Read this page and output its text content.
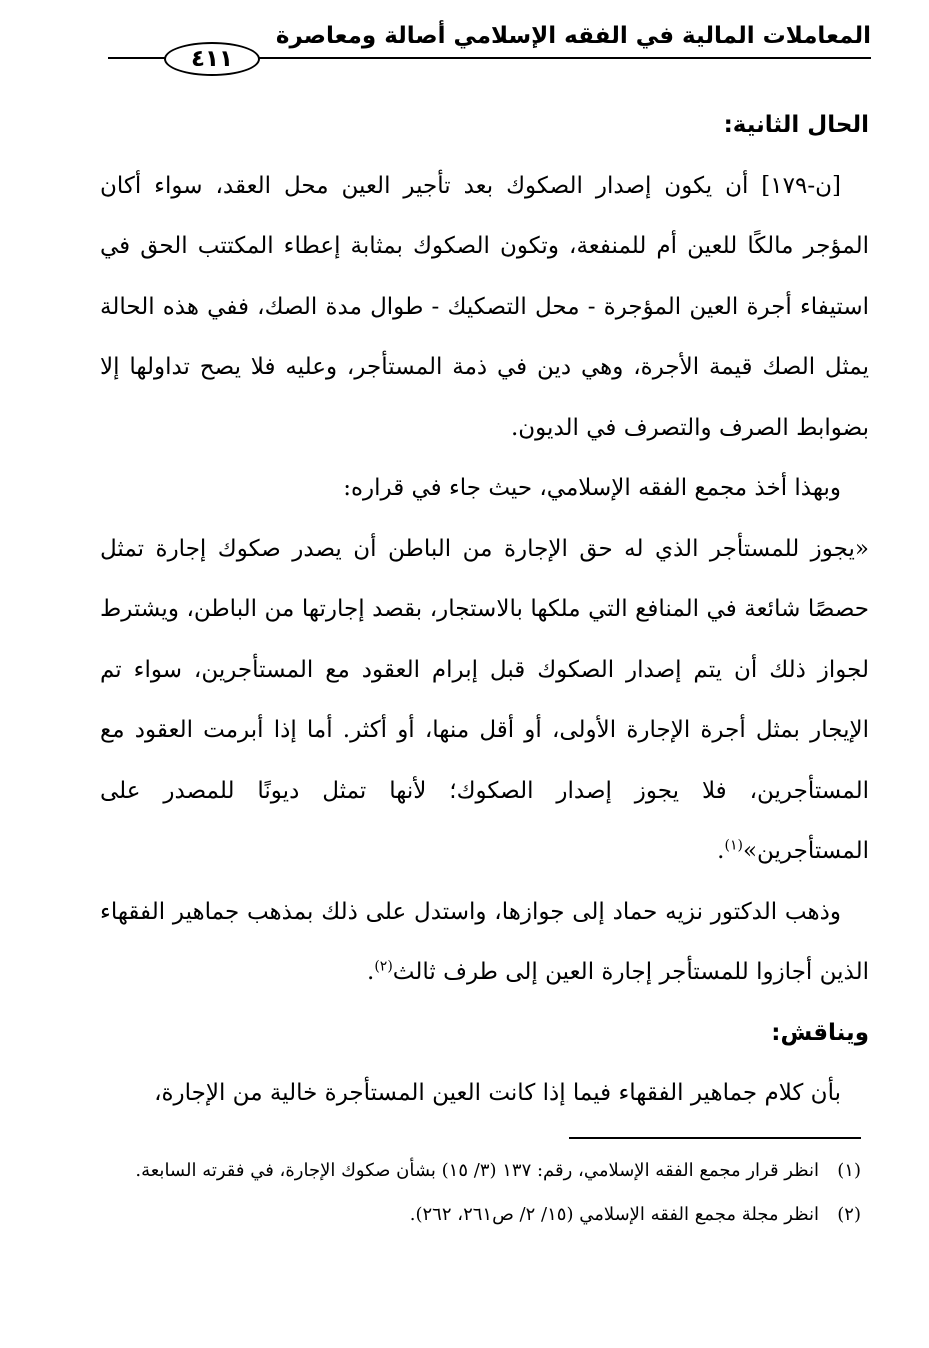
المعاملات المالية في الفقه الإسلامي أصالة ومعاصرة
٤١١

الحال الثانية:

[ن-١٧٩] أن يكون إصدار الصكوك بعد تأجير العين محل العقد، سواء أكان المؤجر مالكًا للعين أم للمنفعة، وتكون الصكوك بمثابة إعطاء المكتتب الحق في استيفاء أجرة العين المؤجرة - محل التصكيك - طوال مدة الصك، ففي هذه الحالة يمثل الصك قيمة الأجرة، وهي دين في ذمة المستأجر، وعليه فلا يصح تداولها إلا بضوابط الصرف والتصرف في الديون.

وبهذا أخذ مجمع الفقه الإسلامي، حيث جاء في قراره:

«يجوز للمستأجر الذي له حق الإجارة من الباطن أن يصدر صكوك إجارة تمثل حصصًا شائعة في المنافع التي ملكها بالاستجار، بقصد إجارتها من الباطن، ويشترط لجواز ذلك أن يتم إصدار الصكوك قبل إبرام العقود مع المستأجرين، سواء تم الإيجار بمثل أجرة الإجارة الأولى، أو أقل منها، أو أكثر. أما إذا أبرمت العقود مع المستأجرين، فلا يجوز إصدار الصكوك؛ لأنها تمثل ديونًا للمصدر على المستأجرين»$^{(١)}$.

وذهب الدكتور نزيه حماد إلى جوازها، واستدل على ذلك بمذهب جماهير الفقهاء الذين أجازوا للمستأجر إجارة العين إلى طرف ثالث$^{(٢)}$.

ويناقش:

بأن كلام جماهير الفقهاء فيما إذا كانت العين المستأجرة خالية من الإجارة،

(١)
انظر قرار مجمع الفقه الإسلامي، رقم: ١٣٧ (٣/ ١٥) بشأن صكوك الإجارة، في فقرته السابعة.
(٢)
انظر مجلة مجمع الفقه الإسلامي (١٥/ ٢/ ص٢٦١، ٢٦٢).
